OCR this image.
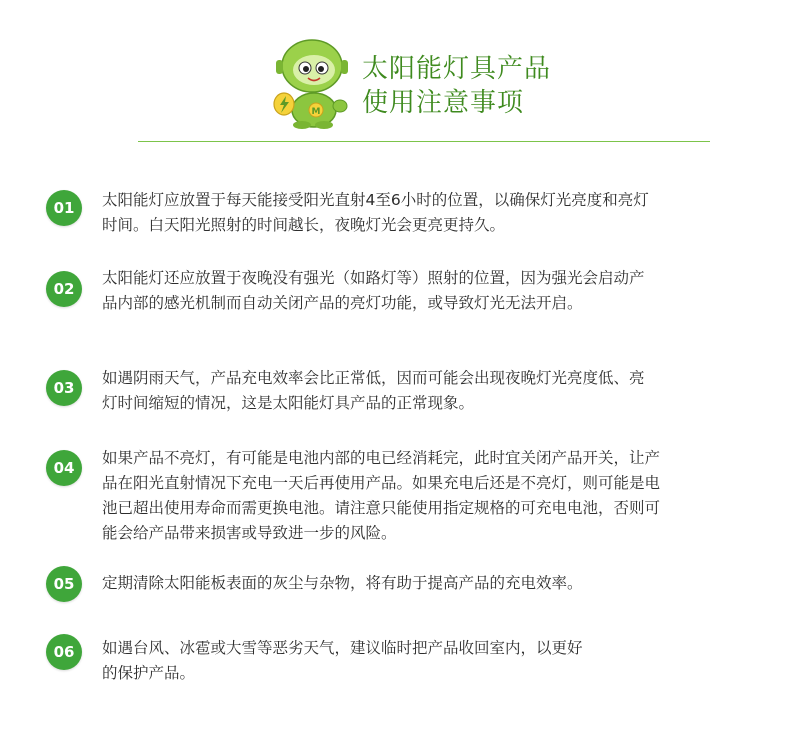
M
太阳能灯具产品
使用注意事项
01	太阳能灯应放置于每天能接受阳光直射4至6小时的位置，以确保灯光亮度和亮灯
时间。白天阳光照射的时间越长，夜晚灯光会更亮更持久。
02
太阳能灯还应放置于夜晚没有强光（如路灯等）照射的位置，因为强光会启动产
品内部的感光机制而自动关闭产品的亮灯功能，或导致灯光无法开启。
03
如遇阴雨天气，产品充电效率会比正常低，因而可能会出现夜晚灯光亮度低、亮
灯时间缩短的情况，这是太阳能灯具产品的正常现象。
04
如果产品不亮灯，有可能是电池内部的电已经消耗完，此时宜关闭产品开关，让产
品在阳光直射情况下充电一天后再使用产品。如果充电后还是不亮灯，则可能是电
池已超出使用寿命而需更换电池。请注意只能使用指定规格的可充电电池，否则可
能会给产品带来损害或导致进一步的风险。
05	定期清除太阳能板表面的灰尘与杂物，将有助于提高产品的充电效率。
06	如遇台风、冰雹或大雪等恶劣天气，建议临时把产品收回室内，以更好
的保护产品。
